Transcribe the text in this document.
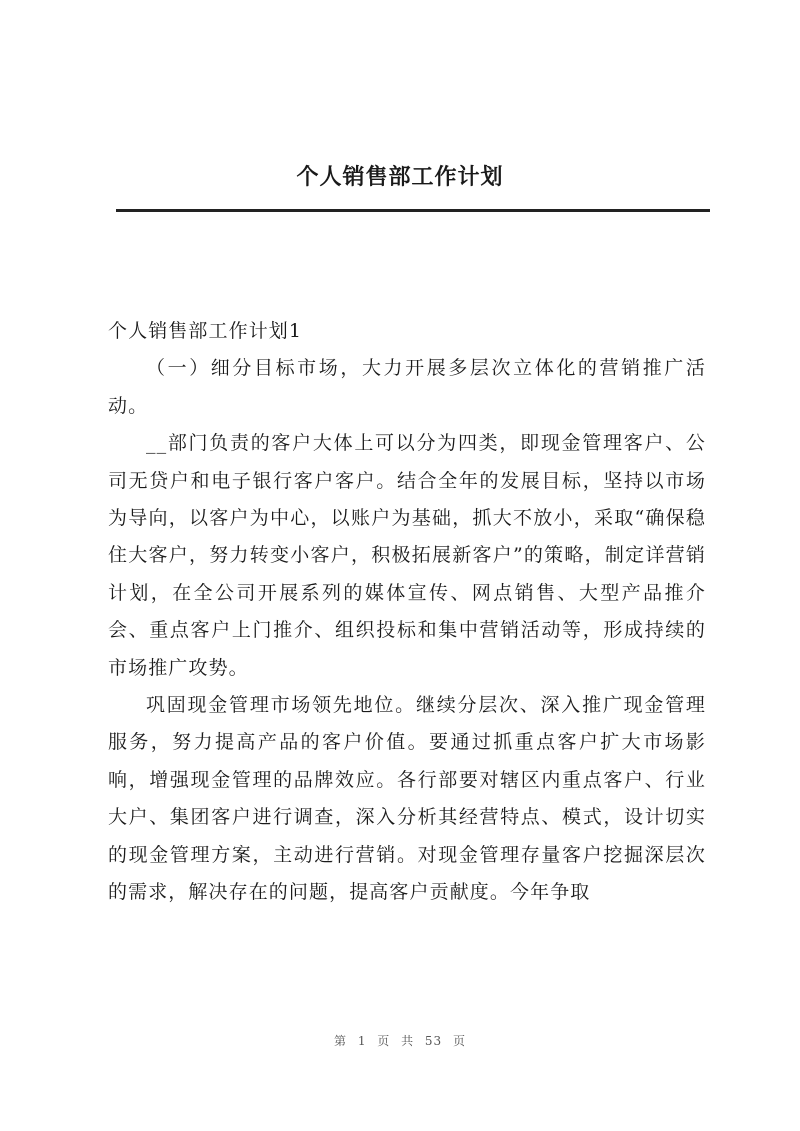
个人销售部工作计划

个人销售部工作计划1

（一）细分目标市场，大力开展多层次立体化的营销推广活动。

__部门负责的客户大体上可以分为四类，即现金管理客户、公司无贷户和电子银行客户客户。结合全年的发展目标，坚持以市场为导向，以客户为中心，以账户为基础，抓大不放小，采取“确保稳住大客户，努力转变小客户，积极拓展新客户”的策略，制定详营销计划，在全公司开展系列的媒体宣传、网点销售、大型产品推介会、重点客户上门推介、组织投标和集中营销活动等，形成持续的市场推广攻势。

巩固现金管理市场领先地位。继续分层次、深入推广现金管理服务，努力提高产品的客户价值。要通过抓重点客户扩大市场影响，增强现金管理的品牌效应。各行部要对辖区内重点客户、行业大户、集团客户进行调查，深入分析其经营特点、模式，设计切实的现金管理方案，主动进行营销。对现金管理存量客户挖掘深层次的需求，解决存在的问题，提高客户贡献度。今年争取

第 1 页 共 53 页
